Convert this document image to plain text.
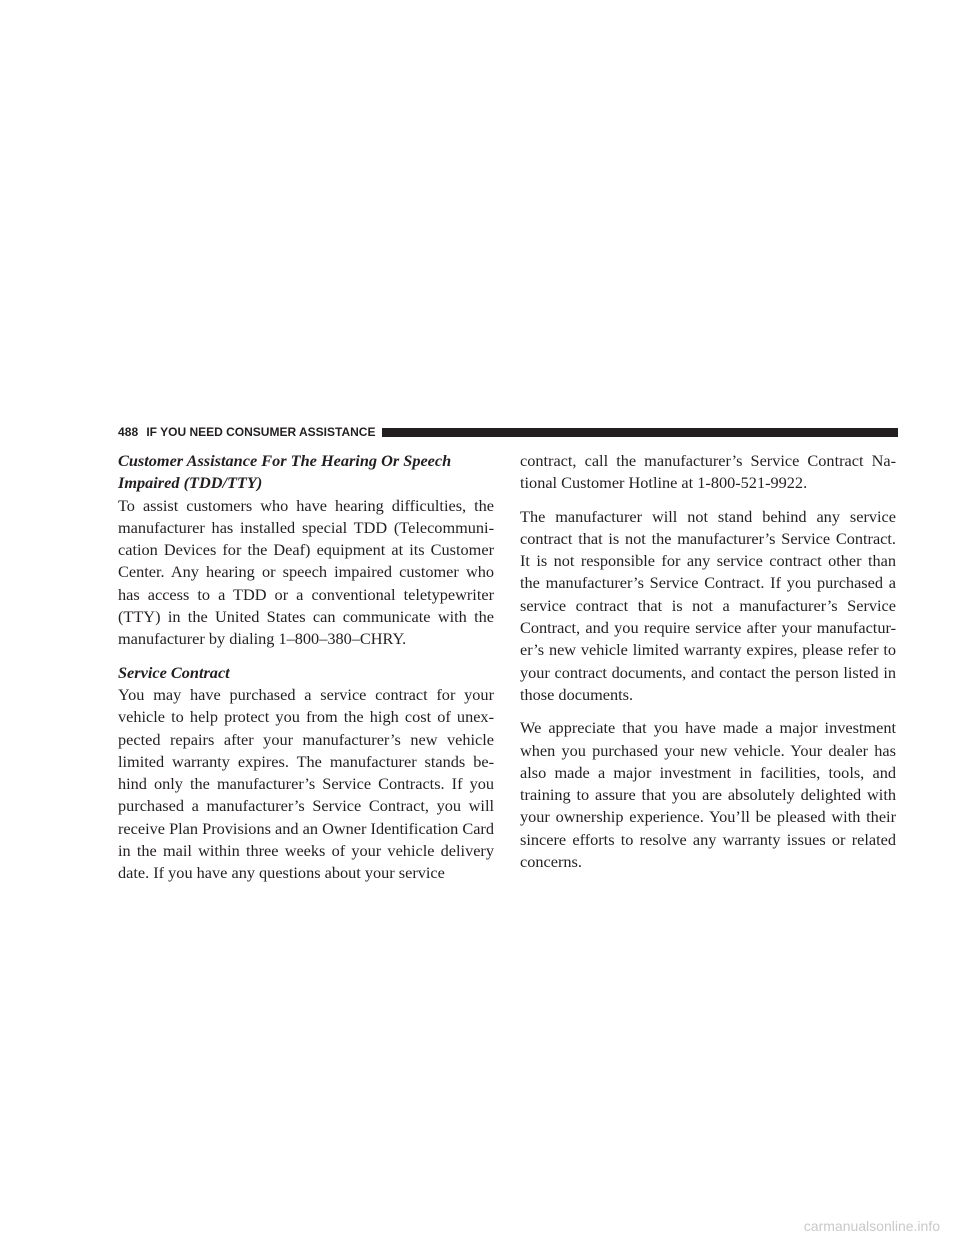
488 IF YOU NEED CONSUMER ASSISTANCE

Customer Assistance For The Hearing Or Speech Impaired (TDD/TTY)

To assist customers who have hearing difficulties, the manufacturer has installed special TDD (Telecommuni-cation Devices for the Deaf) equipment at its Customer Center. Any hearing or speech impaired customer who has access to a TDD or a conventional teletypewriter (TTY) in the United States can communicate with the manufacturer by dialing 1–800–380–CHRY.

Service Contract

You may have purchased a service contract for your vehicle to help protect you from the high cost of unex-pected repairs after your manufacturer’s new vehicle limited warranty expires. The manufacturer stands be-hind only the manufacturer’s Service Contracts. If you purchased a manufacturer’s Service Contract, you will receive Plan Provisions and an Owner Identification Card in the mail within three weeks of your vehicle delivery date. If you have any questions about your service

contract, call the manufacturer’s Service Contract Na-tional Customer Hotline at 1-800-521-9922.

The manufacturer will not stand behind any service contract that is not the manufacturer’s Service Contract. It is not responsible for any service contract other than the manufacturer’s Service Contract. If you purchased a service contract that is not a manufacturer’s Service Contract, and you require service after your manufactur-er’s new vehicle limited warranty expires, please refer to your contract documents, and contact the person listed in those documents.

We appreciate that you have made a major investment when you purchased your new vehicle. Your dealer has also made a major investment in facilities, tools, and training to assure that you are absolutely delighted with your ownership experience. You’ll be pleased with their sincere efforts to resolve any warranty issues or related concerns.

carmanualsonline.info
